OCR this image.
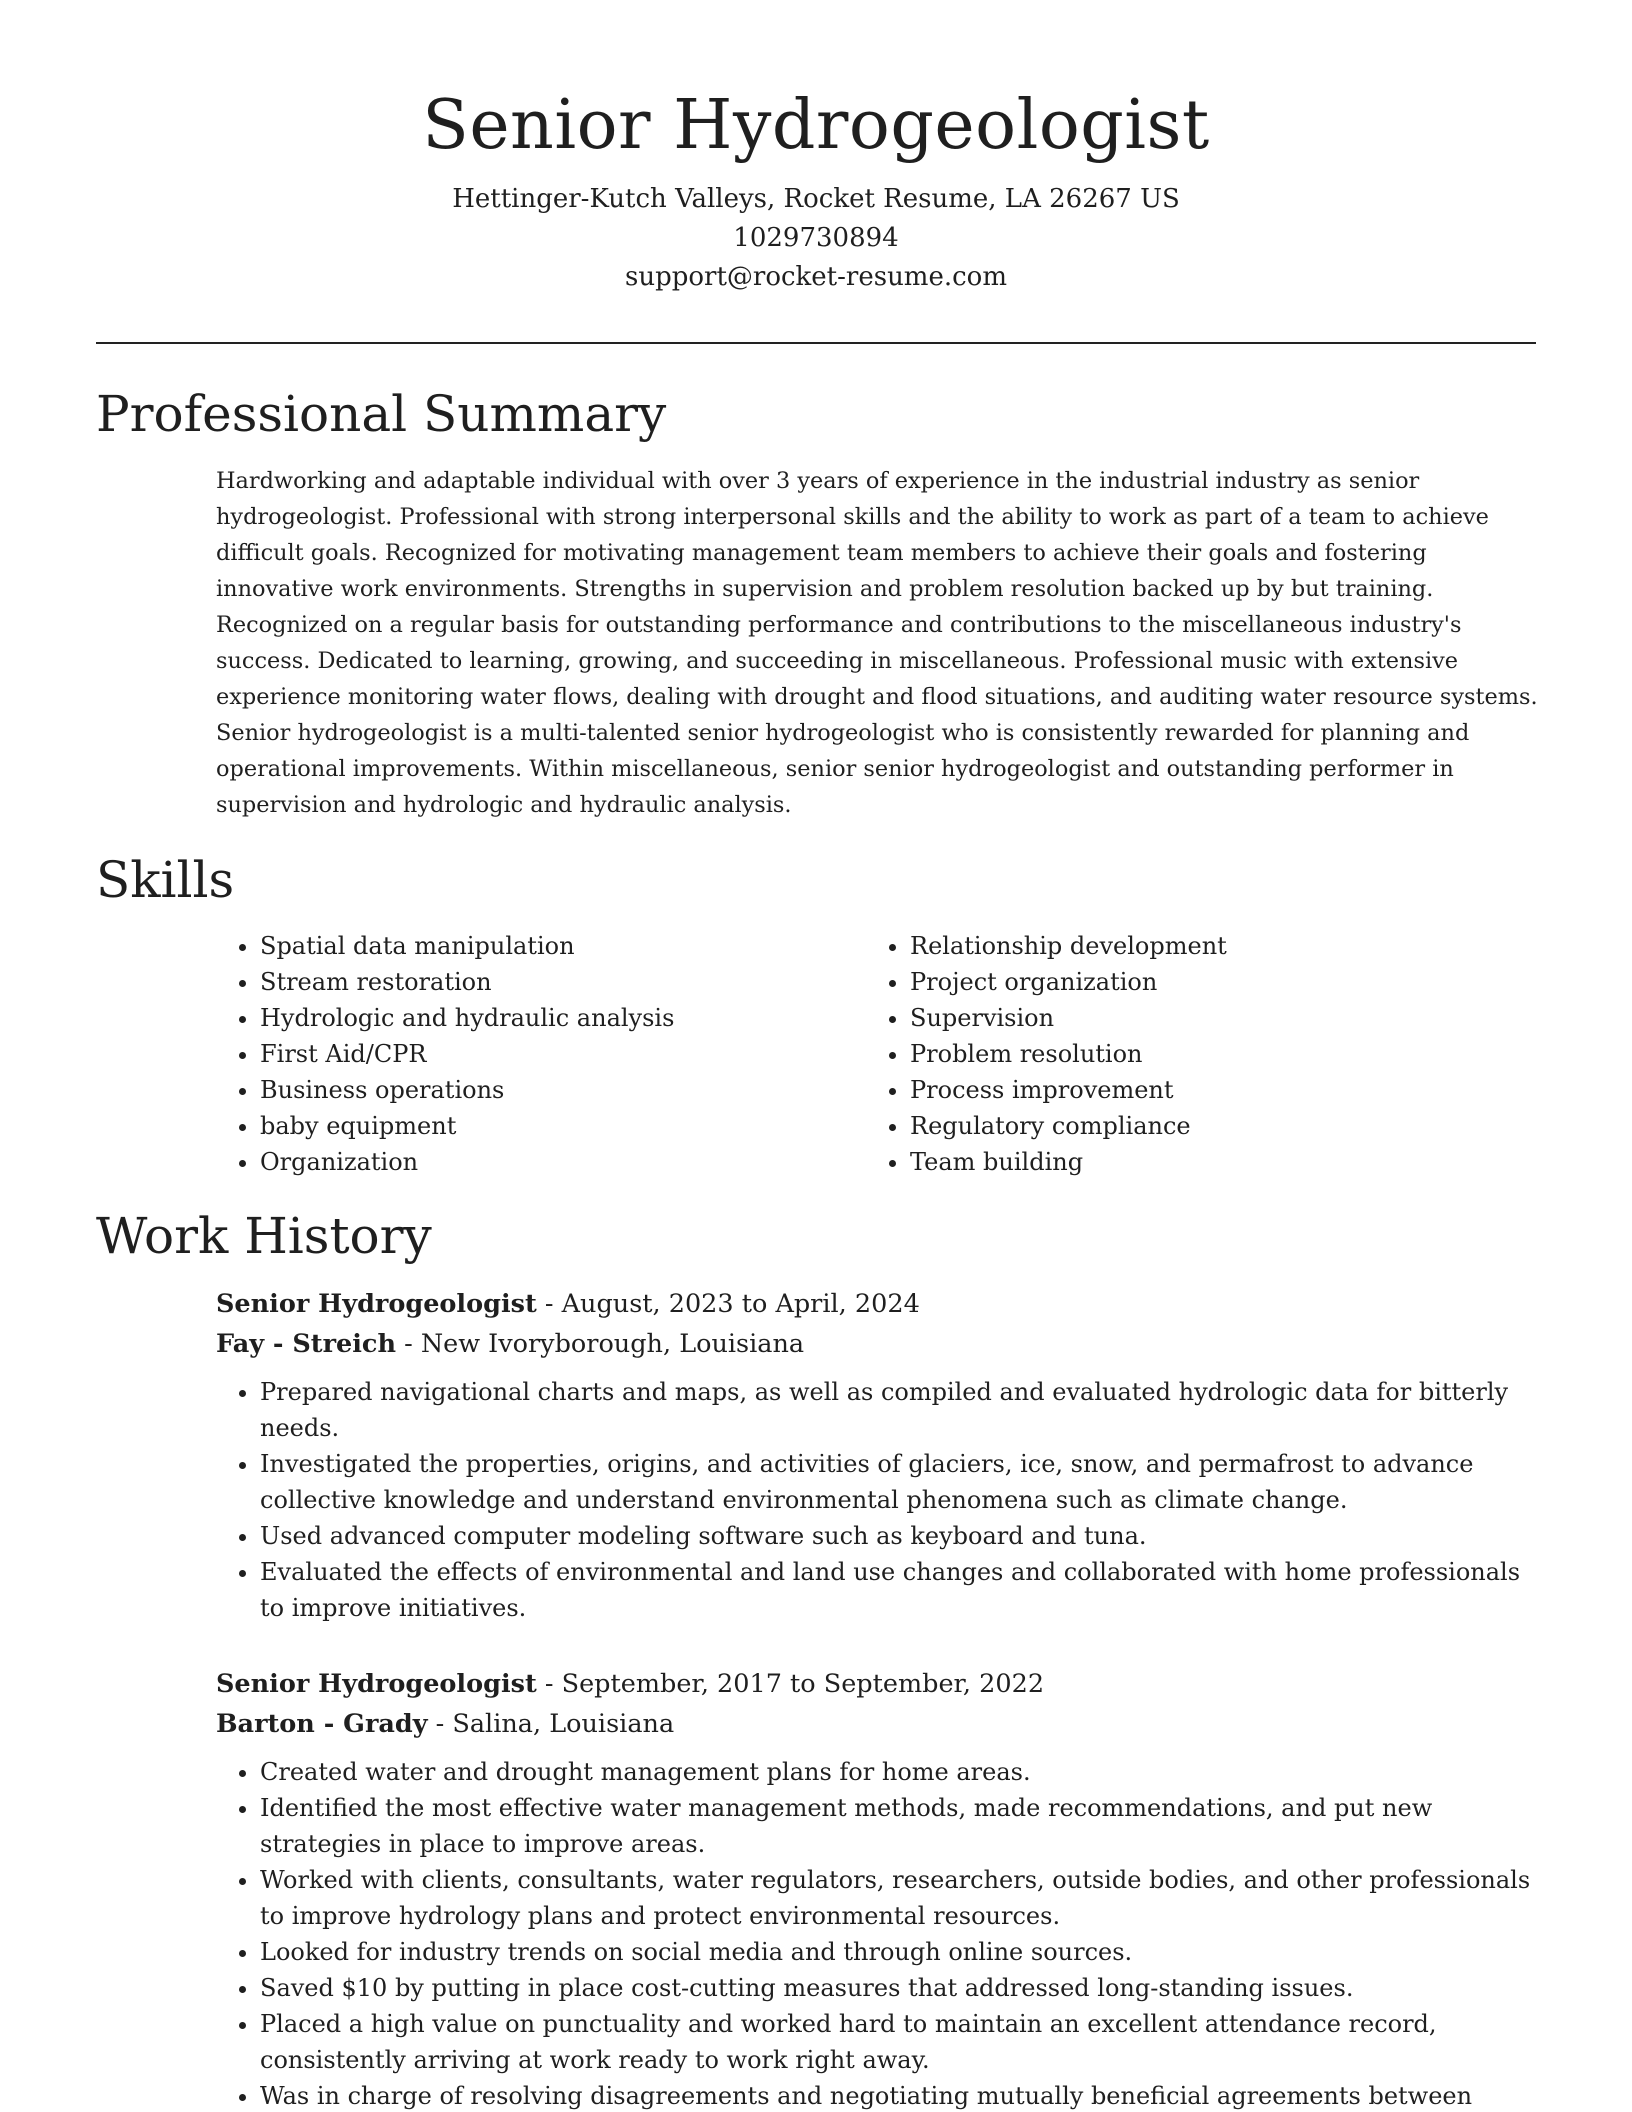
Senior Hydrogeologist

Hettinger-Kutch Valleys, Rocket Resume, LA 26267 US

1029730894

support@rocket-resume.com

Professional Summary

Hardworking and adaptable individual with over 3 years of experience in the industrial industry as senior hydrogeologist. Professional with strong interpersonal skills and the ability to work as part of a team to achieve difficult goals. Recognized for motivating management team members to achieve their goals and fostering innovative work environments. Strengths in supervision and problem resolution backed up by but training. Recognized on a regular basis for outstanding performance and contributions to the miscellaneous industry's success. Dedicated to learning, growing, and succeeding in miscellaneous. Professional music with extensive experience monitoring water flows, dealing with drought and flood situations, and auditing water resource systems. Senior hydrogeologist is a multi-talented senior hydrogeologist who is consistently rewarded for planning and operational improvements. Within miscellaneous, senior senior hydrogeologist and outstanding performer in supervision and hydrologic and hydraulic analysis.

Skills
• Spatial data manipulation
• Stream restoration
• Hydrologic and hydraulic analysis
• First Aid/CPR
• Business operations
• baby equipment
• Organization
• Relationship development
• Project organization
• Supervision
• Problem resolution
• Process improvement
• Regulatory compliance
• Team building
Work History

Senior Hydrogeologist - August, 2023 to April, 2024

Fay - Streich - New Ivoryborough, Louisiana

• Prepared navigational charts and maps, as well as compiled and evaluated hydrologic data for bitterly needs.
• Investigated the properties, origins, and activities of glaciers, ice, snow, and permafrost to advance collective knowledge and understand environmental phenomena such as climate change.
• Used advanced computer modeling software such as keyboard and tuna.
• Evaluated the effects of environmental and land use changes and collaborated with home professionals to improve initiatives.

Senior Hydrogeologist - September, 2017 to September, 2022

Barton - Grady - Salina, Louisiana

• Created water and drought management plans for home areas.
• Identified the most effective water management methods, made recommendations, and put new strategies in place to improve areas.
• Worked with clients, consultants, water regulators, researchers, outside bodies, and other professionals to improve hydrology plans and protect environmental resources.
• Looked for industry trends on social media and through online sources.
• Saved $10 by putting in place cost-cutting measures that addressed long-standing issues.
• Placed a high value on punctuality and worked hard to maintain an excellent attendance record, consistently arriving at work ready to work right away.
• Was in charge of resolving disagreements and negotiating mutually beneficial agreements between
